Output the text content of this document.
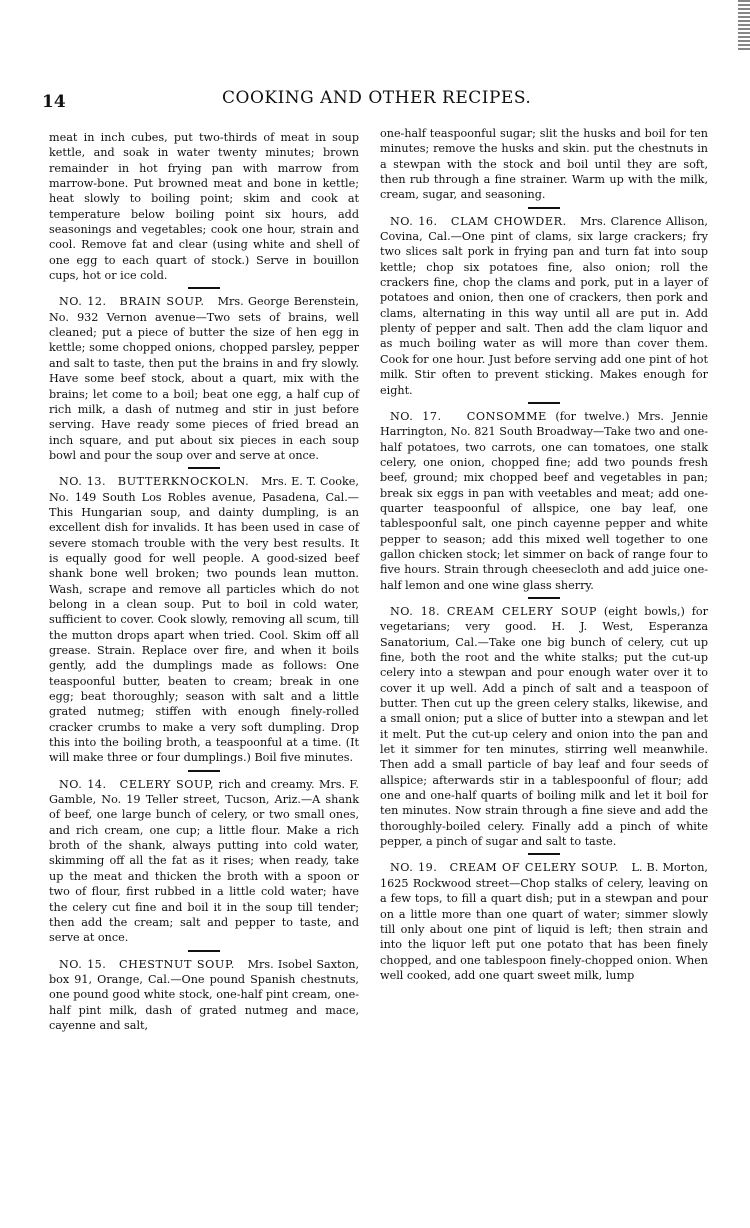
14	COOKING AND OTHER RECIPES.

meat in inch cubes, put two-thirds of meat in soup kettle, and soak in water twenty minutes; brown remainder in hot frying pan with marrow from marrow-bone. Put browned meat and bone in kettle; heat slowly to boiling point; skim and cook at temperature below boiling point six hours, add seasonings and vegetables; cook one hour, strain and cool. Remove fat and clear (using white and shell of one egg to each quart of stock.) Serve in bouillon cups, hot or ice cold.

NO. 12. BRAIN SOUP. Mrs. George Berenstein, No. 932 Vernon avenue—Two sets of brains, well cleaned; put a piece of butter the size of hen egg in kettle; some chopped onions, chopped parsley, pepper and salt to taste, then put the brains in and fry slowly. Have some beef stock, about a quart, mix with the brains; let come to a boil; beat one egg, a half cup of rich milk, a dash of nutmeg and stir in just before serving. Have ready some pieces of fried bread an inch square, and put about six pieces in each soup bowl and pour the soup over and serve at once.

NO. 13. BUTTERKNOCKOLN. Mrs. E. T. Cooke, No. 149 South Los Robles avenue, Pasadena, Cal.—This Hungarian soup, and dainty dumpling, is an excellent dish for invalids. It has been used in case of severe stomach trouble with the very best results. It is equally good for well people. A good-sized beef shank bone well broken; two pounds lean mutton. Wash, scrape and remove all particles which do not belong in a clean soup. Put to boil in cold water, sufficient to cover. Cook slowly, removing all scum, till the mutton drops apart when tried. Cool. Skim off all grease. Strain. Replace over fire, and when it boils gently, add the dumplings made as follows: One teaspoonful butter, beaten to cream; break in one egg; beat thoroughly; season with salt and a little grated nutmeg; stiffen with enough finely-rolled cracker crumbs to make a very soft dumpling. Drop this into the boiling broth, a teaspoonful at a time. (It will make three or four dumplings.) Boil five minutes.

NO. 14. CELERY SOUP, rich and creamy. Mrs. F. Gamble, No. 19 Teller street, Tucson, Ariz.—A shank of beef, one large bunch of celery, or two small ones, and rich cream, one cup; a little flour. Make a rich broth of the shank, always putting into cold water, skimming off all the fat as it rises; when ready, take up the meat and thicken the broth with a spoon or two of flour, first rubbed in a little cold water; have the celery cut fine and boil it in the soup till tender; then add the cream; salt and pepper to taste, and serve at once.

NO. 15. CHESTNUT SOUP. Mrs. Isobel Saxton, box 91, Orange, Cal.—One pound Spanish chestnuts, one pound good white stock, one-half pint cream, one-half pint milk, dash of grated nutmeg and mace, cayenne and salt,

one-half teaspoonful sugar; slit the husks and boil for ten minutes; remove the husks and skin. put the chestnuts in a stewpan with the stock and boil until they are soft, then rub through a fine strainer. Warm up with the milk, cream, sugar, and seasoning.

NO. 16. CLAM CHOWDER. Mrs. Clarence Allison, Covina, Cal.—One pint of clams, six large crackers; fry two slices salt pork in frying pan and turn fat into soup kettle; chop six potatoes fine, also onion; roll the crackers fine, chop the clams and pork, put in a layer of potatoes and onion, then one of crackers, then pork and clams, alternating in this way until all are put in. Add plenty of pepper and salt. Then add the clam liquor and as much boiling water as will more than cover them. Cook for one hour. Just before serving add one pint of hot milk. Stir often to prevent sticking. Makes enough for eight.

NO. 17. CONSOMME (for twelve.) Mrs. Jennie Harrington, No. 821 South Broadway—Take two and one-half potatoes, two carrots, one can tomatoes, one stalk celery, one onion, chopped fine; add two pounds fresh beef, ground; mix chopped beef and vegetables in pan; break six eggs in pan with veetables and meat; add one-quarter teaspoonful of allspice, one bay leaf, one tablespoonful salt, one pinch cayenne pepper and white pepper to season; add this mixed well together to one gallon chicken stock; let simmer on back of range four to five hours. Strain through cheesecloth and add juice one-half lemon and one wine glass sherry.

NO. 18. CREAM CELERY SOUP (eight bowls,) for vegetarians; very good. H. J. West, Esperanza Sanatorium, Cal.—Take one big bunch of celery, cut up fine, both the root and the white stalks; put the cut-up celery into a stewpan and pour enough water over it to cover it up well. Add a pinch of salt and a teaspoon of butter. Then cut up the green celery stalks, likewise, and a small onion; put a slice of butter into a stewpan and let it melt. Put the cut-up celery and onion into the pan and let it simmer for ten minutes, stirring well meanwhile. Then add a small particle of bay leaf and four seeds of allspice; afterwards stir in a tablespoonful of flour; add one and one-half quarts of boiling milk and let it boil for ten minutes. Now strain through a fine sieve and add the thoroughly-boiled celery. Finally add a pinch of white pepper, a pinch of sugar and salt to taste.

NO. 19. CREAM OF CELERY SOUP. L. B. Morton, 1625 Rockwood street—Chop stalks of celery, leaving on a few tops, to fill a quart dish; put in a stewpan and pour on a little more than one quart of water; simmer slowly till only about one pint of liquid is left; then strain and into the liquor left put one potato that has been finely chopped, and one tablespoon finely-chopped onion. When well cooked, add one quart sweet milk, lump
